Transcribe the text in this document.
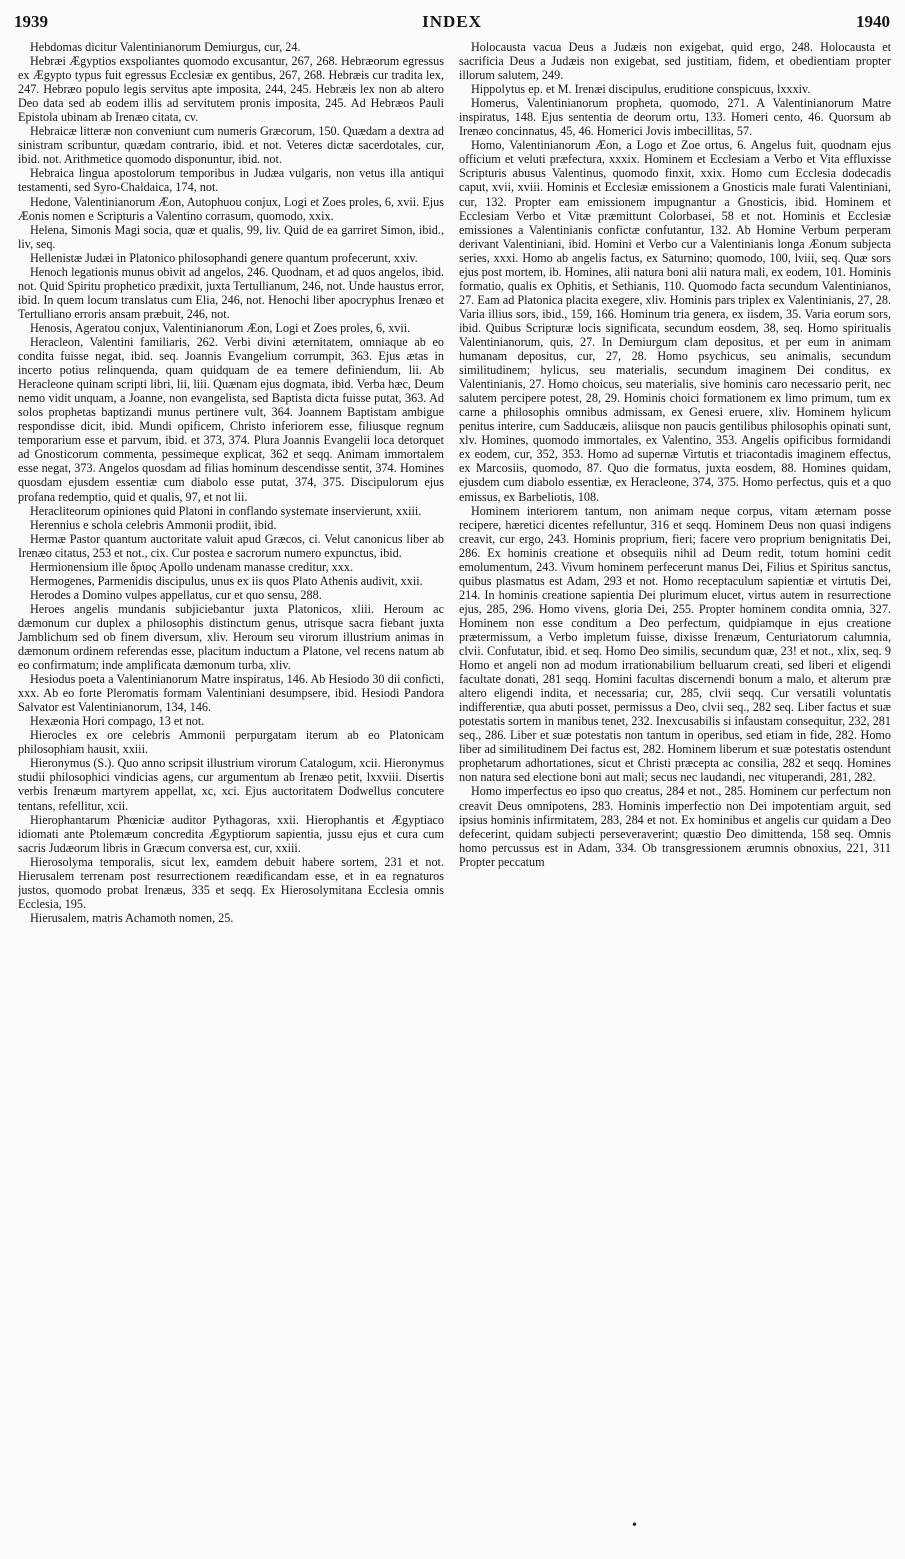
1939	INDEX	1940

Hebdomas dicitur Valentinianorum Demiurgus, cur, 24.

Hebræi Ægyptios exspoliantes quomodo excusantur, 267, 268. Hebræorum egressus ex Ægypto typus fuit egressus Ecclesiæ ex gentibus, 267, 268. Hebræis cur tradita lex, 247. Hebræo populo legis servitus apte imposita, 244, 245. Hebræis lex non ab altero Deo data sed ab eodem illis ad servitutem pronis imposita, 245. Ad Hebræos Pauli Epistola ubinam ab Irenæo citata, cv.

Hebraicæ litteræ non conveniunt cum numeris Græcorum, 150. Quædam a dextra ad sinistram scribuntur, quædam contrario, ibid. et not. Veteres dictæ sacerdotales, cur, ibid. not. Arithmetice quomodo disponuntur, ibid. not.

Hebraica lingua apostolorum temporibus in Judæa vulgaris, non vetus illa antiqui testamenti, sed Syro-Chaldaica, 174, not.

Hedone, Valentinianorum Æon, Autophuou conjux, Logi et Zoes proles, 6, xvii. Ejus Æonis nomen e Scripturis a Valentino corrasum, quomodo, xxix.

Helena, Simonis Magi socia, quæ et qualis, 99, liv. Quid de ea garriret Simon, ibid., liv, seq.

Hellenistæ Judæi in Platonico philosophandi genere quantum profecerunt, xxiv.

Henoch legationis munus obivit ad angelos, 246. Quodnam, et ad quos angelos, ibid. not. Quid Spiritu prophetico prædixit, juxta Tertullianum, 246, not. Unde haustus error, ibid. In quem locum translatus cum Elia, 246, not. Henochi liber apocryphus Irenæo et Tertulliano erroris ansam præbuit, 246, not.

Henosis, Ageratou conjux, Valentinianorum Æon, Logi et Zoes proles, 6, xvii.

Heracleon, Valentini familiaris, 262. Verbi divini æternitatem, omniaque ab eo condita fuisse negat, ibid. seq. Joannis Evangelium corrumpit, 363. Ejus ætas in incerto potius relinquenda, quam quidquam de ea temere definiendum, lii. Ab Heracleone quinam scripti libri, lii, liii. Quænam ejus dogmata, ibid. Verba hæc, Deum nemo vidit unquam, a Joanne, non evangelista, sed Baptista dicta fuisse putat, 363. Ad solos prophetas baptizandi munus pertinere vult, 364. Joannem Baptistam ambigue respondisse dicit, ibid. Mundi opificem, Christo inferiorem esse, filiusque regnum temporarium esse et parvum, ibid. et 373, 374. Plura Joannis Evangelii loca detorquet ad Gnosticorum commenta, pessimeque explicat, 362 et seqq. Animam immortalem esse negat, 373. Angelos quosdam ad filias hominum descendisse sentit, 374. Homines quosdam ejusdem essentiæ cum diabolo esse putat, 374, 375. Discipulorum ejus profana redemptio, quid et qualis, 97, et not lii.

Heracliteorum opiniones quid Platoni in conflando systemate inservierunt, xxiii.

Herennius e schola celebris Ammonii prodiit, ibid.

Hermæ Pastor quantum auctoritate valuit apud Græcos, ci. Velut canonicus liber ab Irenæo citatus, 253 et not., cix. Cur postea e sacrorum numero expunctus, ibid.

Hermionensium ille δριος Apollo undenam manasse creditur, xxx.

Hermogenes, Parmenidis discipulus, unus ex iis quos Plato Athenis audivit, xxii.

Herodes a Domino vulpes appellatus, cur et quo sensu, 288.

Heroes angelis mundanis subjiciebantur juxta Platonicos, xliii. Heroum ac dæmonum cur duplex a philosophis distinctum genus, utrisque sacra fiebant juxta Jamblichum sed ob finem diversum, xliv. Heroum seu virorum illustrium animas in dæmonum ordinem referendas esse, placitum inductum a Platone, vel recens natum ab eo confirmatum; inde amplificata dæmonum turba, xliv.

Hesiodus poeta a Valentinianorum Matre inspiratus, 146. Ab Hesiodo 30 dii conficti, xxx. Ab eo forte Pleromatis formam Valentiniani desumpsere, ibid. Hesiodi Pandora Salvator est Valentinianorum, 134, 146.

Hexæonia Hori compago, 13 et not.

Hierocles ex ore celebris Ammonii perpurgatam iterum ab eo Platonicam philosophiam hausit, xxiii.

Hieronymus (S.). Quo anno scripsit illustrium virorum Catalogum, xcii. Hieronymus studii philosophici vindicias agens, cur argumentum ab Irenæo petit, lxxviii. Disertis verbis Irenæum martyrem appellat, xc, xci. Ejus auctoritatem Dodwellus concutere tentans, refellitur, xcii.

Hierophantarum Phœniciæ auditor Pythagoras, xxii. Hierophantis et Ægyptiaco idiomati ante Ptolemæum concredita Ægyptiorum sapientia, jussu ejus et cura cum sacris Judæorum libris in Græcum conversa est, cur, xxiii.

Hierosolyma temporalis, sicut lex, eamdem debuit habere sortem, 231 et not. Hierusalem terrenam post resurrectionem reædificandam esse, et in ea regnaturos justos, quomodo probat Irenæus, 335 et seqq. Ex Hierosolymitana Ecclesia omnis Ecclesia, 195.

Hierusalem, matris Achamoth nomen, 25.

Holocausta vacua Deus a Judæis non exigebat, quid ergo, 248. Holocausta et sacrificia Deus a Judæis non exigebat, sed justitiam, fidem, et obedientiam propter illorum salutem, 249.

Hippolytus ep. et M. Irenæi discipulus, eruditione conspicuus, lxxxiv.

Homerus, Valentinianorum propheta, quomodo, 271. A Valentinianorum Matre inspiratus, 148. Ejus sententia de deorum ortu, 133. Homeri cento, 46. Quorsum ab Irenæo concinnatus, 45, 46. Homerici Jovis imbecillitas, 57.

Homo, Valentinianorum Æon, a Logo et Zoe ortus, 6. Angelus fuit, quodnam ejus officium et veluti præfectura, xxxix. Hominem et Ecclesiam a Verbo et Vita effluxisse Scripturis abusus Valentinus, quomodo finxit, xxix. Homo cum Ecclesia dodecadis caput, xvii, xviii. Hominis et Ecclesiæ emissionem a Gnosticis male furati Valentiniani, cur, 132. Propter eam emissionem impugnantur a Gnosticis, ibid. Hominem et Ecclesiam Verbo et Vitæ præmittunt Colorbasei, 58 et not. Hominis et Ecclesiæ emissiones a Valentinianis confictæ confutantur, 132. Ab Homine Verbum perperam derivant Valentiniani, ibid. Homini et Verbo cur a Valentinianis longa Æonum subjecta series, xxxi. Homo ab angelis factus, ex Saturnino; quomodo, 100, lviii, seq. Quæ sors ejus post mortem, ib. Homines, alii natura boni alii natura mali, ex eodem, 101. Hominis formatio, qualis ex Ophitis, et Sethianis, 110. Quomodo facta secundum Valentinianos, 27. Eam ad Platonica placita exegere, xliv. Hominis pars triplex ex Valentinianis, 27, 28. Varia illius sors, ibid., 159, 166. Hominum tria genera, ex iisdem, 35. Varia eorum sors, ibid. Quibus Scripturæ locis significata, secundum eosdem, 38, seq. Homo spiritualis Valentinianorum, quis, 27. In Demiurgum clam depositus, et per eum in animam humanam depositus, cur, 27, 28. Homo psychicus, seu animalis, secundum similitudinem; hylicus, seu materialis, secundum imaginem Dei conditus, ex Valentinianis, 27. Homo choicus, seu materialis, sive hominis caro necessario perit, nec salutem percipere potest, 28, 29. Hominis choici formationem ex limo primum, tum ex carne a philosophis omnibus admissam, ex Genesi eruere, xliv. Hominem hylicum penitus interire, cum Sadducæis, aliisque non paucis gentilibus philosophis opinati sunt, xlv. Homines, quomodo immortales, ex Valentino, 353. Angelis opificibus formidandi ex eodem, cur, 352, 353. Homo ad supernæ Virtutis et triacontadis imaginem effectus, ex Marcosiis, quomodo, 87. Quo die formatus, juxta eosdem, 88. Homines quidam, ejusdem cum diabolo essentiæ, ex Heracleone, 374, 375. Homo perfectus, quis et a quo emissus, ex Barbeliotis, 108.

Hominem interiorem tantum, non animam neque corpus, vitam æternam posse recipere, hæretici dicentes refelluntur, 316 et seqq. Hominem Deus non quasi indigens creavit, cur ergo, 243. Hominis proprium, fieri; facere vero proprium benignitatis Dei, 286. Ex hominis creatione et obsequiis nihil ad Deum redit, totum homini cedit emolumentum, 243. Vivum hominem perfecerunt manus Dei, Filius et Spiritus sanctus, quibus plasmatus est Adam, 293 et not. Homo receptaculum sapientiæ et virtutis Dei, 214. In hominis creatione sapientia Dei plurimum elucet, virtus autem in resurrectione ejus, 285, 296. Homo vivens, gloria Dei, 255. Propter hominem condita omnia, 327. Hominem non esse conditum a Deo perfectum, quidpiamque in ejus creatione prætermissum, a Verbo impletum fuisse, dixisse Irenæum, Centuriatorum calumnia, clvii. Confutatur, ibid. et seq. Homo Deo similis, secundum quæ, 23! et not., xlix, seq. 9 Homo et angeli non ad modum irrationabilium belluarum creati, sed liberi et eligendi facultate donati, 281 seqq. Homini facultas discernendi bonum a malo, et alterum præ altero eligendi indita, et necessaria; cur, 285, clvii seqq. Cur versatili voluntatis indifferentiæ, qua abuti posset, permissus a Deo, clvii seq., 282 seq. Liber factus et suæ potestatis sortem in manibus tenet, 232. Inexcusabilis si infaustam consequitur, 232, 281 seq., 286. Liber et suæ potestatis non tantum in operibus, sed etiam in fide, 282. Homo liber ad similitudinem Dei factus est, 282. Hominem liberum et suæ potestatis ostendunt prophetarum adhortationes, sicut et Christi præcepta ac consilia, 282 et seqq. Homines non natura sed electione boni aut mali; secus nec laudandi, nec vituperandi, 281, 282.

Homo imperfectus eo ipso quo creatus, 284 et not., 285. Hominem cur perfectum non creavit Deus omnipotens, 283. Hominis imperfectio non Dei impotentiam arguit, sed ipsius hominis infirmitatem, 283, 284 et not. Ex hominibus et angelis cur quidam a Deo defecerint, quidam subjecti perseveraverint; quæstio Deo dimittenda, 158 seq. Omnis homo percussus est in Adam, 334. Ob transgressionem ærumnis obnoxius, 221, 311 Propter peccatum

•
